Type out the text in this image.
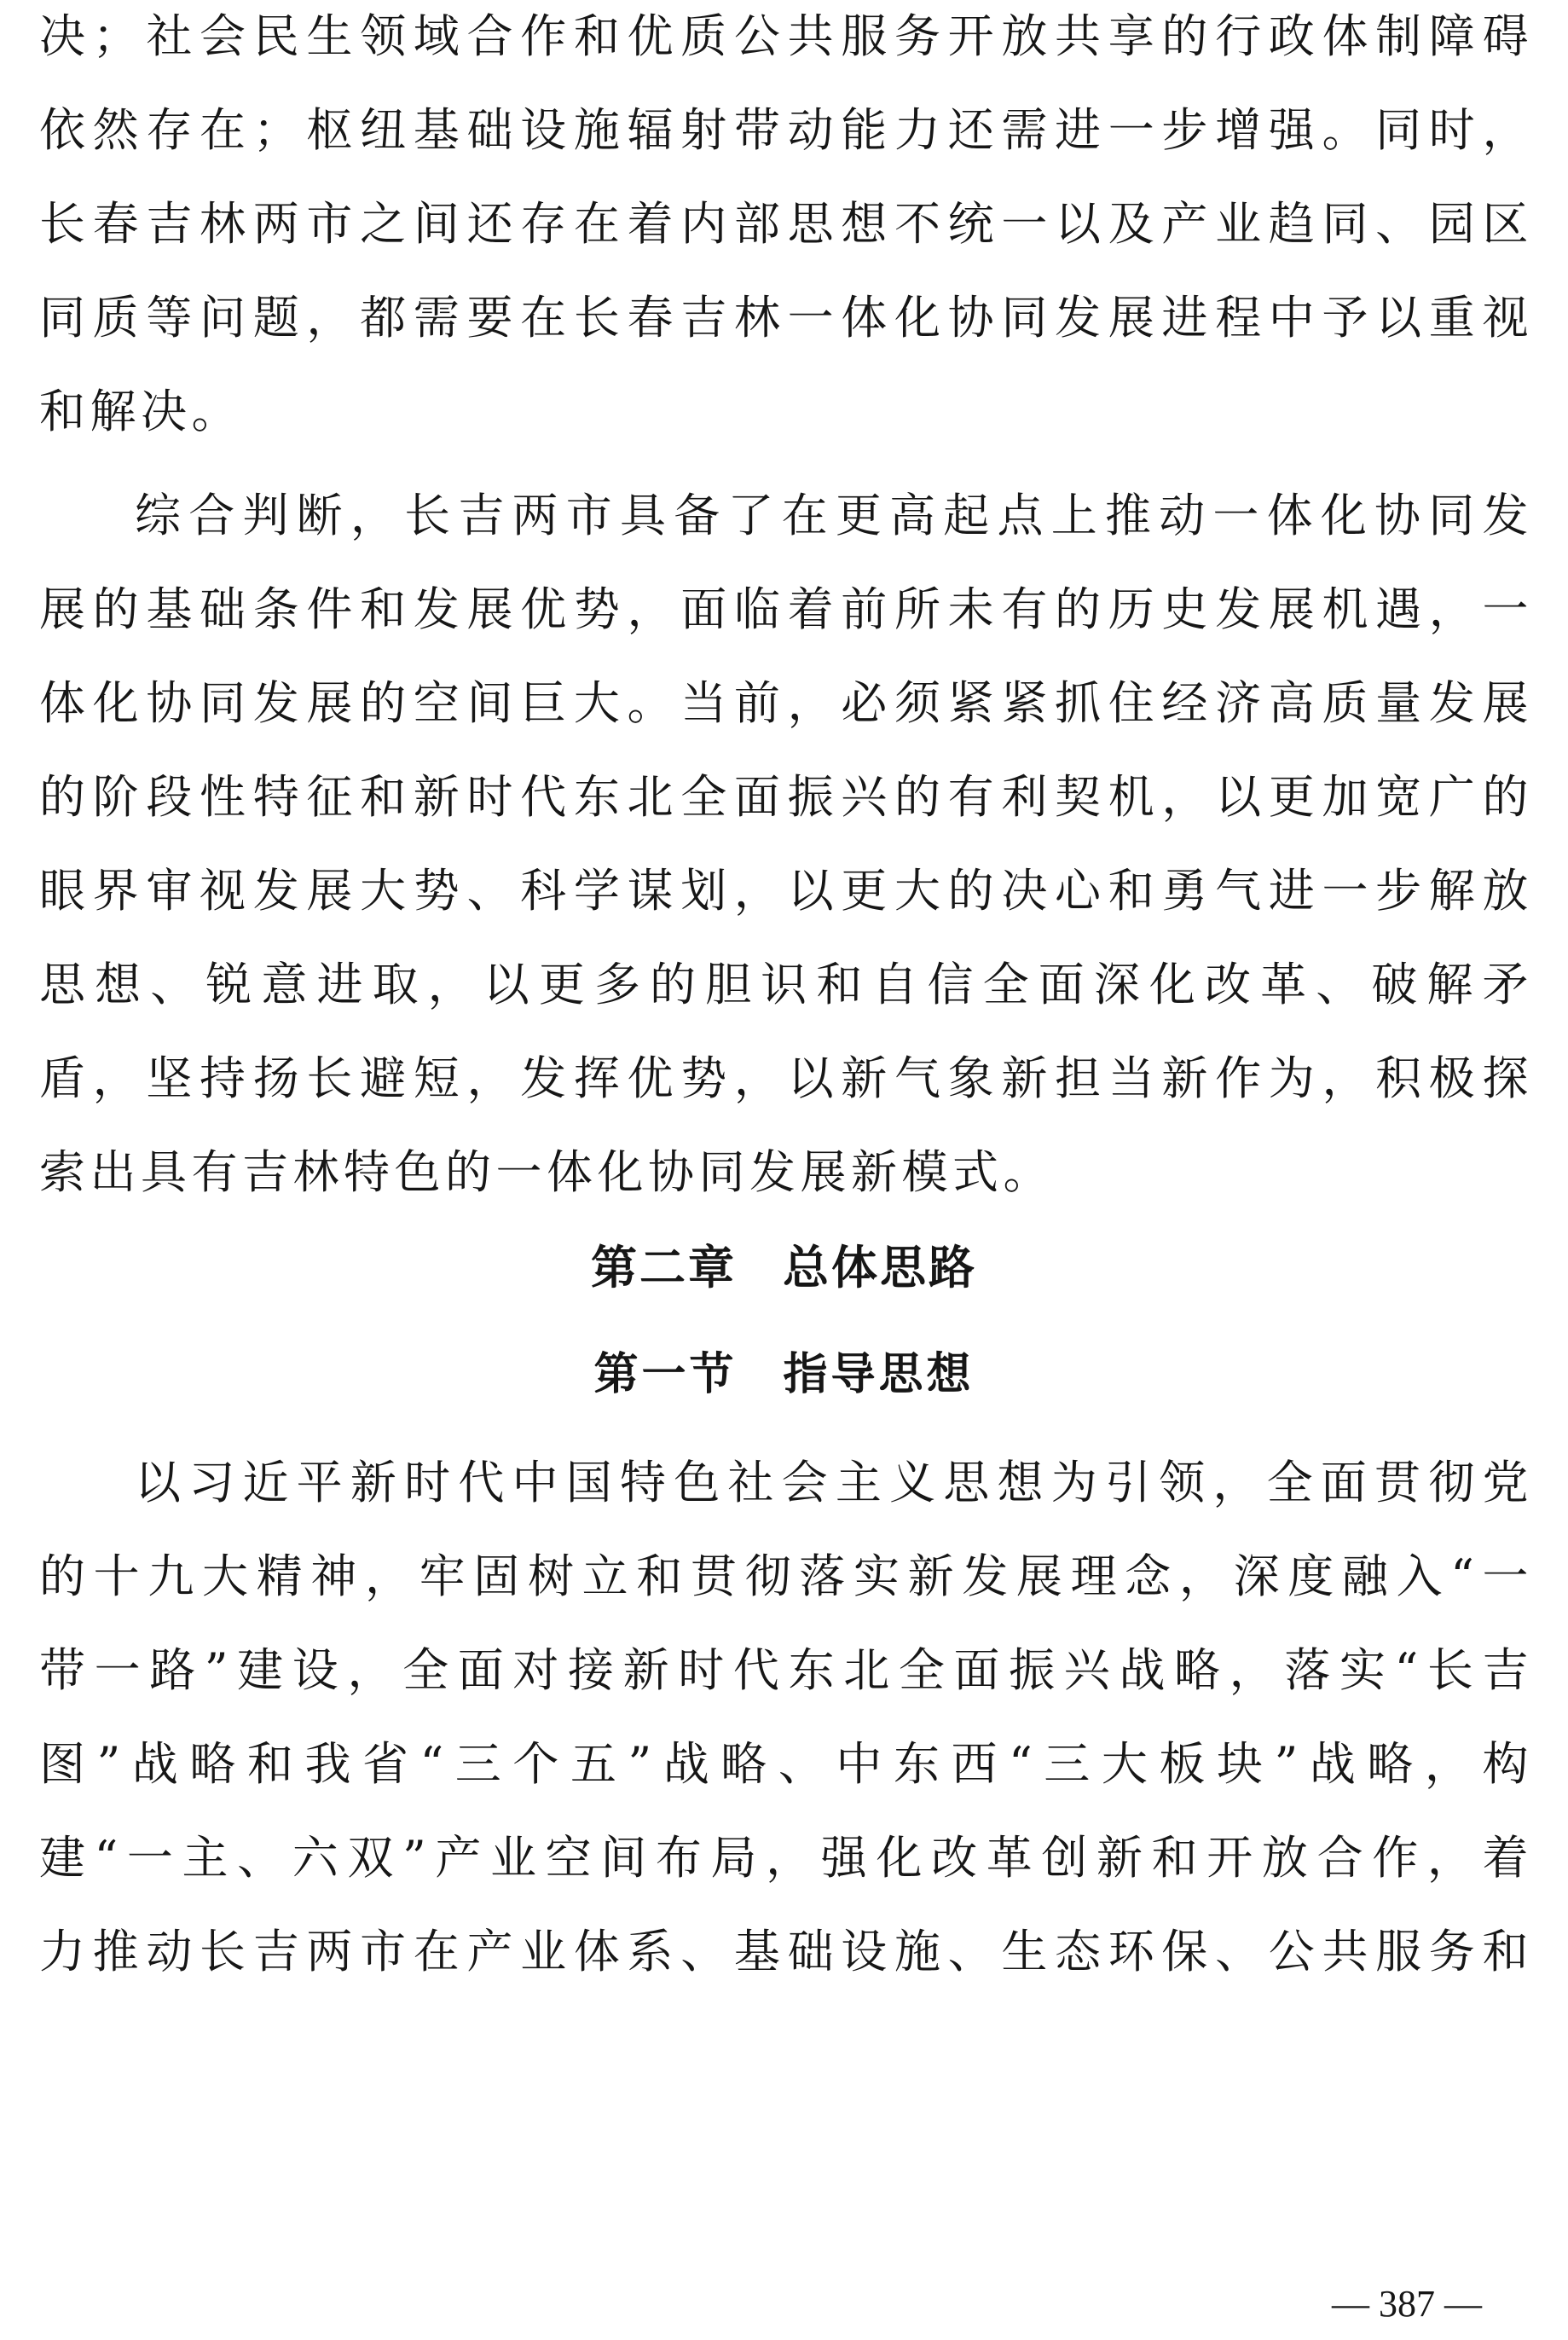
决；社会民生领域合作和优质公共服务开放共享的行政体制障碍
依然存在；枢纽基础设施辐射带动能力还需进一步增强。同时，
长春吉林两市之间还存在着内部思想不统一以及产业趋同、园区
同质等问题，都需要在长春吉林一体化协同发展进程中予以重视
和解决。
综合判断，长吉两市具备了在更高起点上推动一体化协同发
展的基础条件和发展优势，面临着前所未有的历史发展机遇，一
体化协同发展的空间巨大。当前，必须紧紧抓住经济高质量发展
的阶段性特征和新时代东北全面振兴的有利契机，以更加宽广的
眼界审视发展大势、科学谋划，以更大的决心和勇气进一步解放
思想、锐意进取，以更多的胆识和自信全面深化改革、破解矛
盾，坚持扬长避短，发挥优势，以新气象新担当新作为，积极探
索出具有吉林特色的一体化协同发展新模式。
第二章 总体思路
第一节 指导思想
以习近平新时代中国特色社会主义思想为引领，全面贯彻党
的十九大精神，牢固树立和贯彻落实新发展理念，深度融入“一
带一路”建设，全面对接新时代东北全面振兴战略，落实“长吉
图”战略和我省“三个五”战略、中东西“三大板块”战略，构
建“一主、六双”产业空间布局，强化改革创新和开放合作，着
力推动长吉两市在产业体系、基础设施、生态环保、公共服务和
— 387 —
